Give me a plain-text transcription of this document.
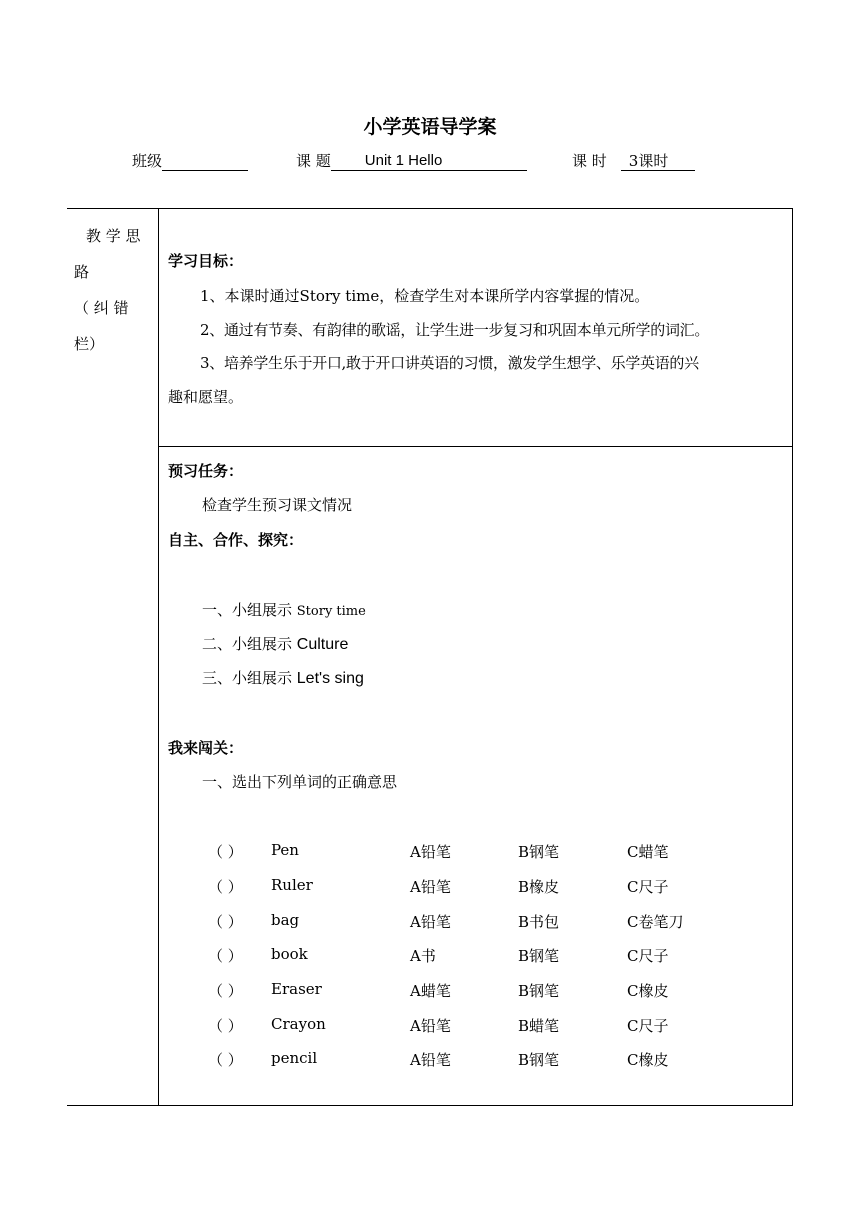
小学英语导学案
班级	课 题 Unit 1 Hello	课 时 3课时
教 学 思
路
（ 纠 错
栏）
学习目标：
1、本课时通过Story time，检查学生对本课所学内容掌握的情况。
2、通过有节奏、有韵律的歌谣，让学生进一步复习和巩固本单元所学的词汇。
3、培养学生乐于开口,敢于开口讲英语的习惯，激发学生想学、乐学英语的兴
趣和愿望。
预习任务：
检查学生预习课文情况
自主、合作、探究：
一、小组展示 Story time
二、小组展示 Culture
三、小组展示 Let's sing
我来闯关：
一、选出下列单词的正确意思
（ ） Pen	A铅笔	B钢笔	C蜡笔
（ ） Ruler	A铅笔	B橡皮	C尺子
（ ） bag	A铅笔	B书包	C卷笔刀
（ ） book	A书	B钢笔	C尺子
（ ） Eraser	A蜡笔	B钢笔	C橡皮
（ ） Crayon	A铅笔	B蜡笔	C尺子
（ ） pencil	A铅笔	B钢笔	C橡皮
